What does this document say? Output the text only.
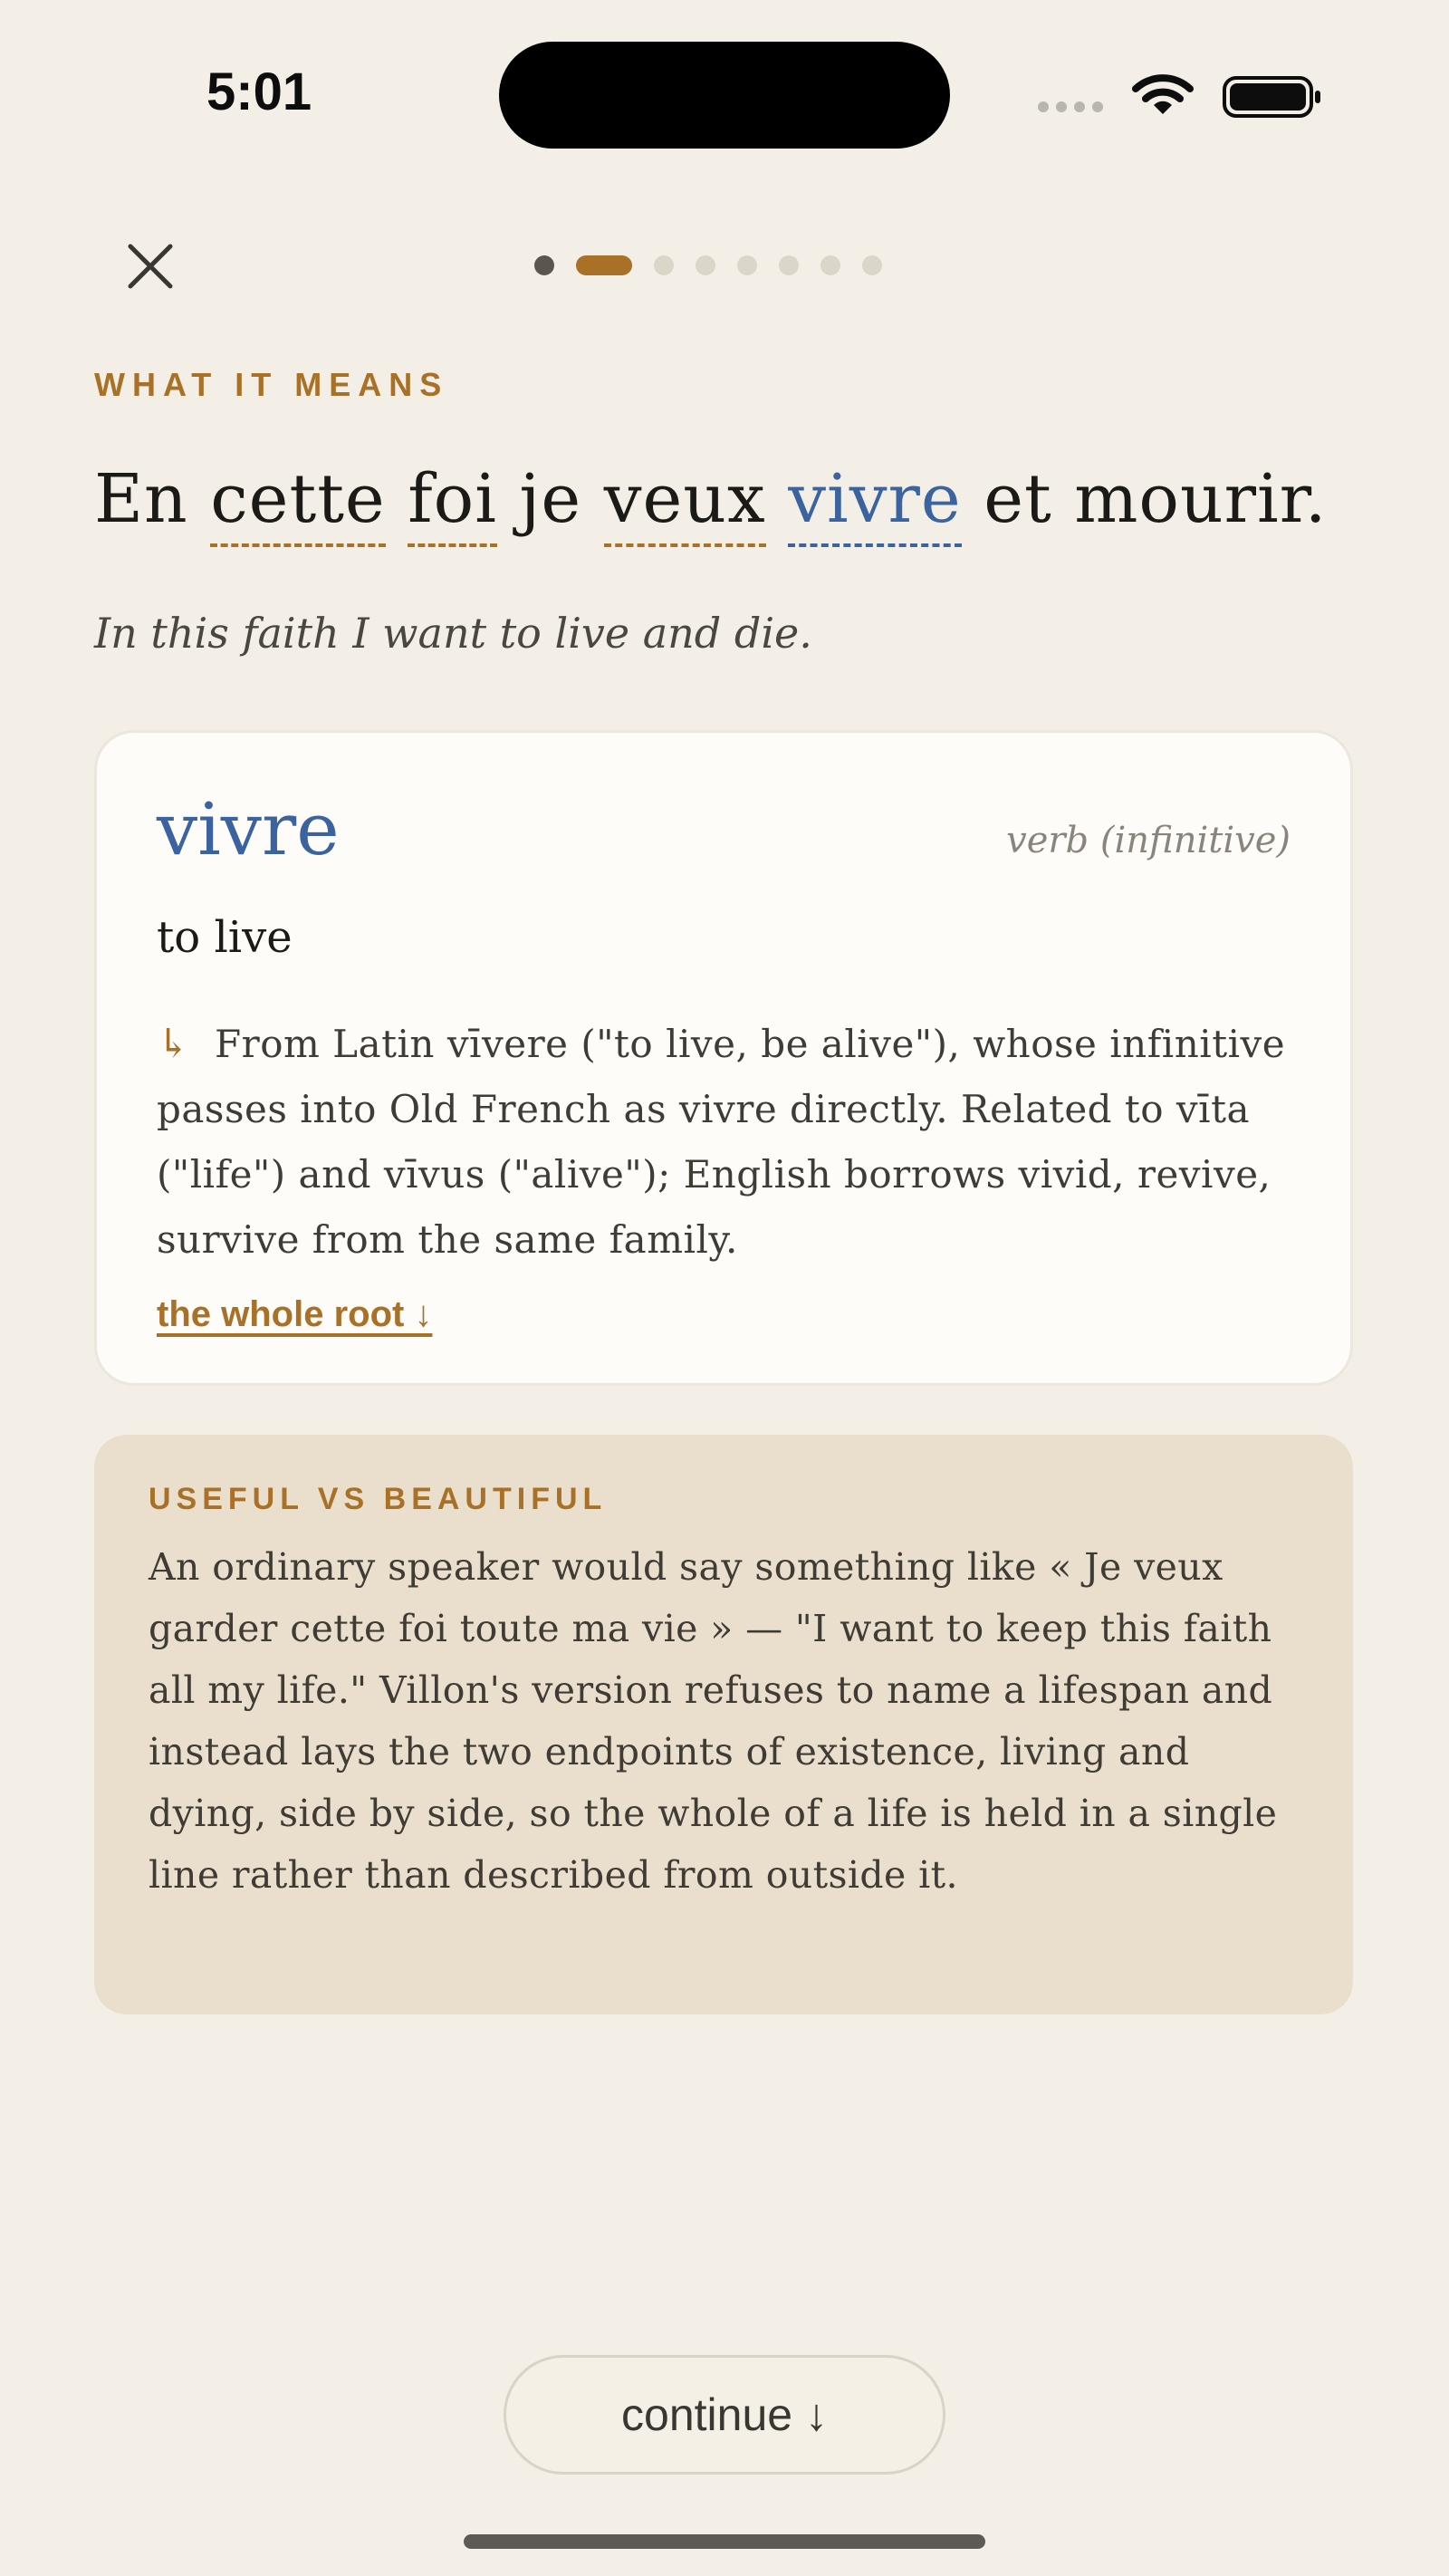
5:01
WHAT IT MEANS
En cette foi je veux vivre et mourir.
In this faith I want to live and die.
vivre	verb (infinitive)
to live
↳ From Latin vīvere ("to live, be alive"), whose infinitive passes into Old French as vivre directly. Related to vīta ("life") and vīvus ("alive"); English borrows vivid, revive, survive from the same family.
the whole root ↓
USEFUL VS BEAUTIFUL
An ordinary speaker would say something like « Je veux garder cette foi toute ma vie » — "I want to keep this faith all my life." Villon's version refuses to name a lifespan and instead lays the two endpoints of existence, living and dying, side by side, so the whole of a life is held in a single line rather than described from outside it.
continue ↓
